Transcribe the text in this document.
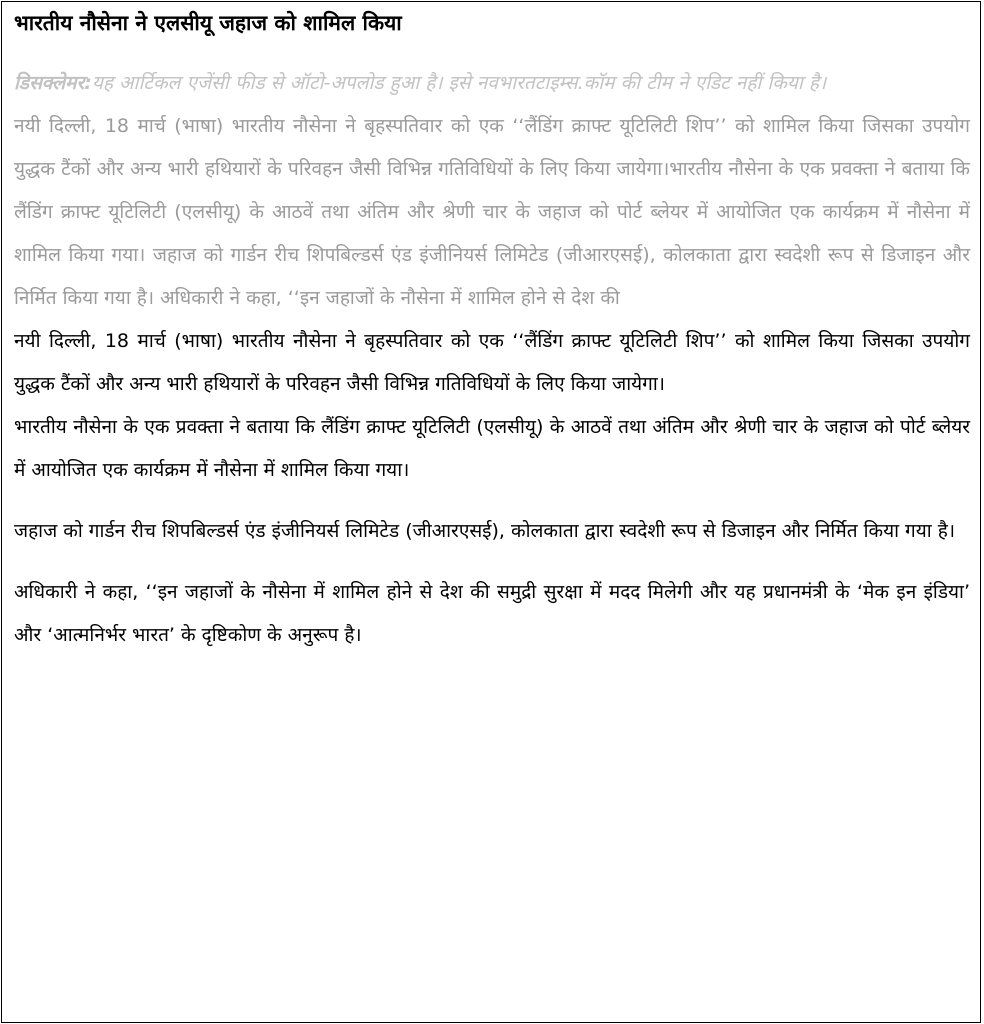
भारतीय नौसेना ने एलसीयू जहाज को शामिल किया
डिसक्लेमर:यह आर्टिकल एजेंसी फीड से ऑटो-अपलोड हुआ है। इसे नवभारतटाइम्स.कॉम की टीम ने एडिट नहीं किया है।

नयी दिल्ली, 18 मार्च (भाषा) भारतीय नौसेना ने बृहस्पतिवार को एक ‘‘लैंडिंग क्राफ्ट यूटिलिटी शिप’’ को शामिल किया जिसका उपयोग युद्धक टैंकों और अन्य भारी हथियारों के परिवहन जैसी विभिन्न गतिविधियों के लिए किया जायेगा।भारतीय नौसेना के एक प्रवक्ता ने बताया कि लैंडिंग क्राफ्ट यूटिलिटी (एलसीयू) के आठवें तथा अंतिम और श्रेणी चार के जहाज को पोर्ट ब्लेयर में आयोजित एक कार्यक्रम में नौसेना में शामिल किया गया। जहाज को गार्डन रीच शिपबिल्डर्स एंड इंजीनियर्स लिमिटेड (जीआरएसई), कोलकाता द्वारा स्वदेशी रूप से डिजाइन और निर्मित किया गया है। अधिकारी ने कहा, ‘‘इन जहाजों के नौसेना में शामिल होने से देश की

नयी दिल्ली, 18 मार्च (भाषा) भारतीय नौसेना ने बृहस्पतिवार को एक ‘‘लैंडिंग क्राफ्ट यूटिलिटी शिप’’ को शामिल किया जिसका उपयोग युद्धक टैंकों और अन्य भारी हथियारों के परिवहन जैसी विभिन्न गतिविधियों के लिए किया जायेगा।

भारतीय नौसेना के एक प्रवक्ता ने बताया कि लैंडिंग क्राफ्ट यूटिलिटी (एलसीयू) के आठवें तथा अंतिम और श्रेणी चार के जहाज को पोर्ट ब्लेयर में आयोजित एक कार्यक्रम में नौसेना में शामिल किया गया।

जहाज को गार्डन रीच शिपबिल्डर्स एंड इंजीनियर्स लिमिटेड (जीआरएसई), कोलकाता द्वारा स्वदेशी रूप से डिजाइन और निर्मित किया गया है।

अधिकारी ने कहा, ‘‘इन जहाजों के नौसेना में शामिल होने से देश की समुद्री सुरक्षा में मदद मिलेगी और यह प्रधानमंत्री के ‘मेक इन इंडिया’ और ‘आत्मनिर्भर भारत’ के दृष्टिकोण के अनुरूप है।
